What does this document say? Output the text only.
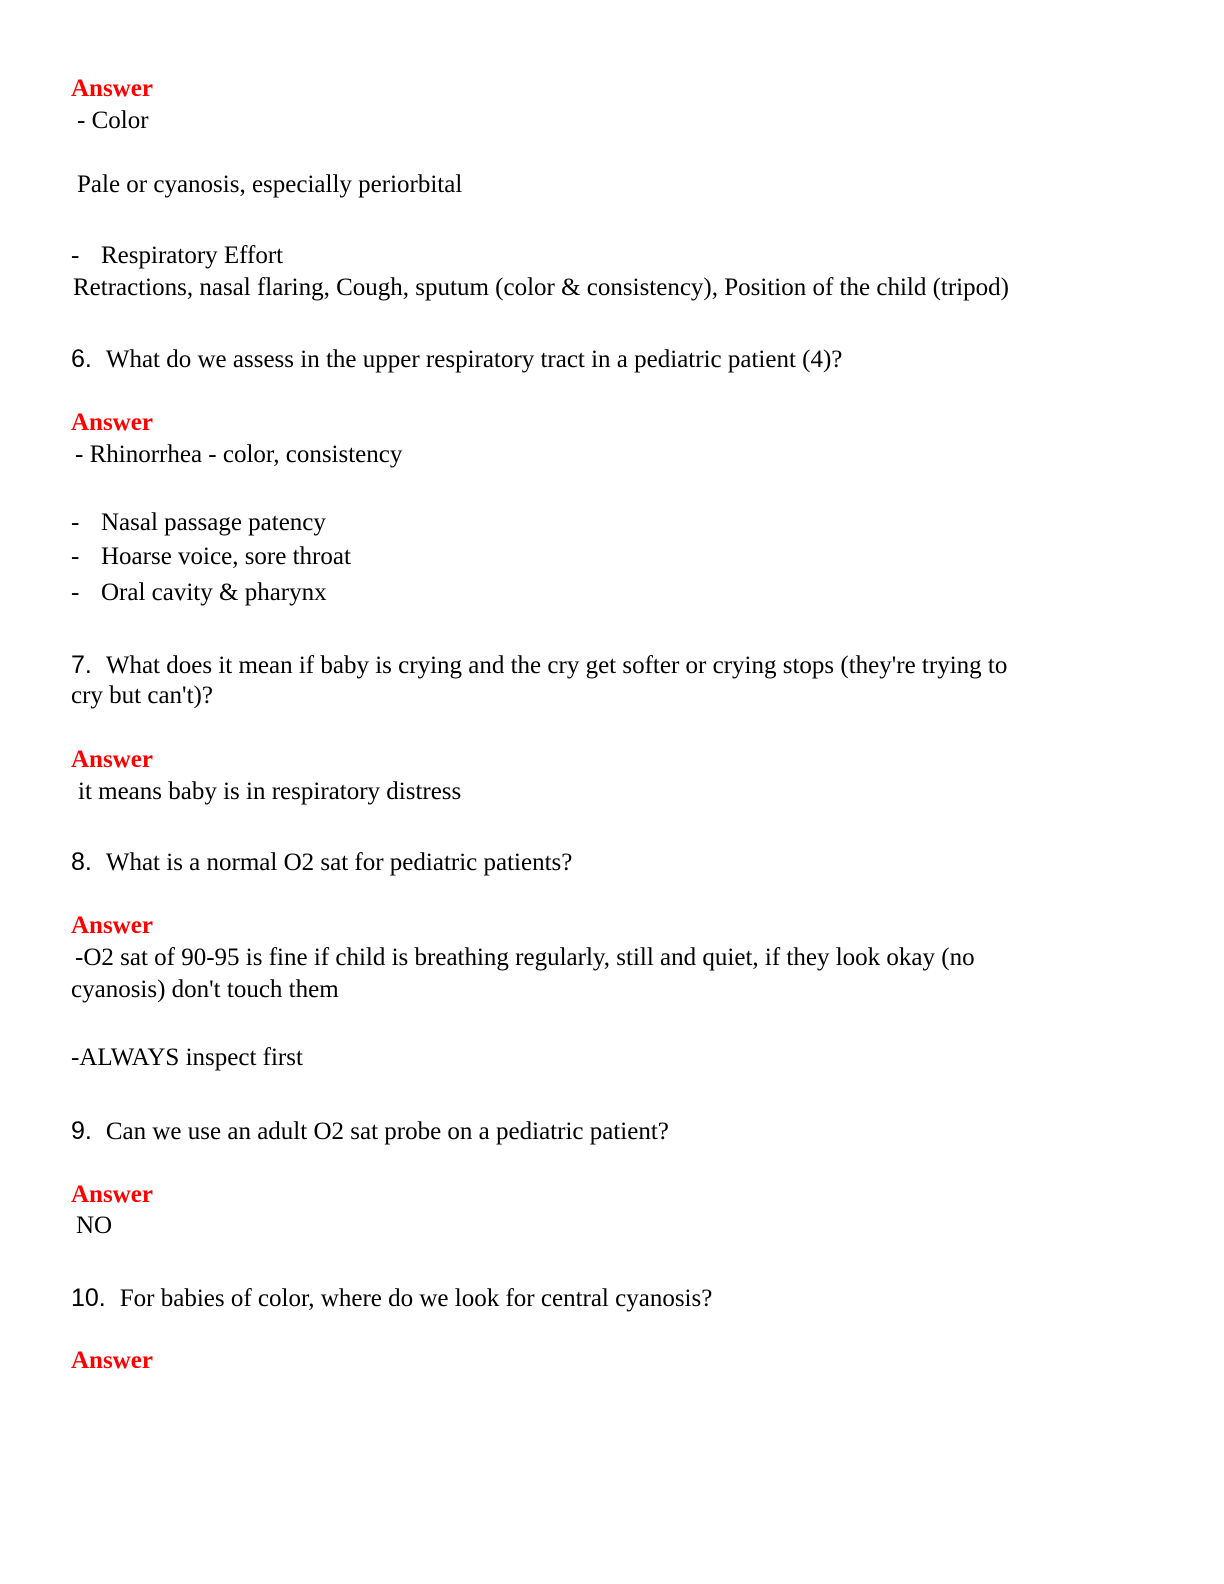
Answer
- Color
Pale or cyanosis, especially periorbital
- Respiratory Effort
Retractions, nasal flaring, Cough, sputum (color & consistency), Position of the child (tripod)
6. What do we assess in the upper respiratory tract in a pediatric patient (4)?
Answer
- Rhinorrhea - color, consistency
- Nasal passage patency
- Hoarse voice, sore throat
- Oral cavity & pharynx
7. What does it mean if baby is crying and the cry get softer or crying stops (they're trying to
cry but can't)?
Answer
it means baby is in respiratory distress
8. What is a normal O2 sat for pediatric patients?
Answer
-O2 sat of 90-95 is fine if child is breathing regularly, still and quiet, if they look okay (no
cyanosis) don't touch them
-ALWAYS inspect first
9. Can we use an adult O2 sat probe on a pediatric patient?
Answer
NO
10. For babies of color, where do we look for central cyanosis?
Answer
